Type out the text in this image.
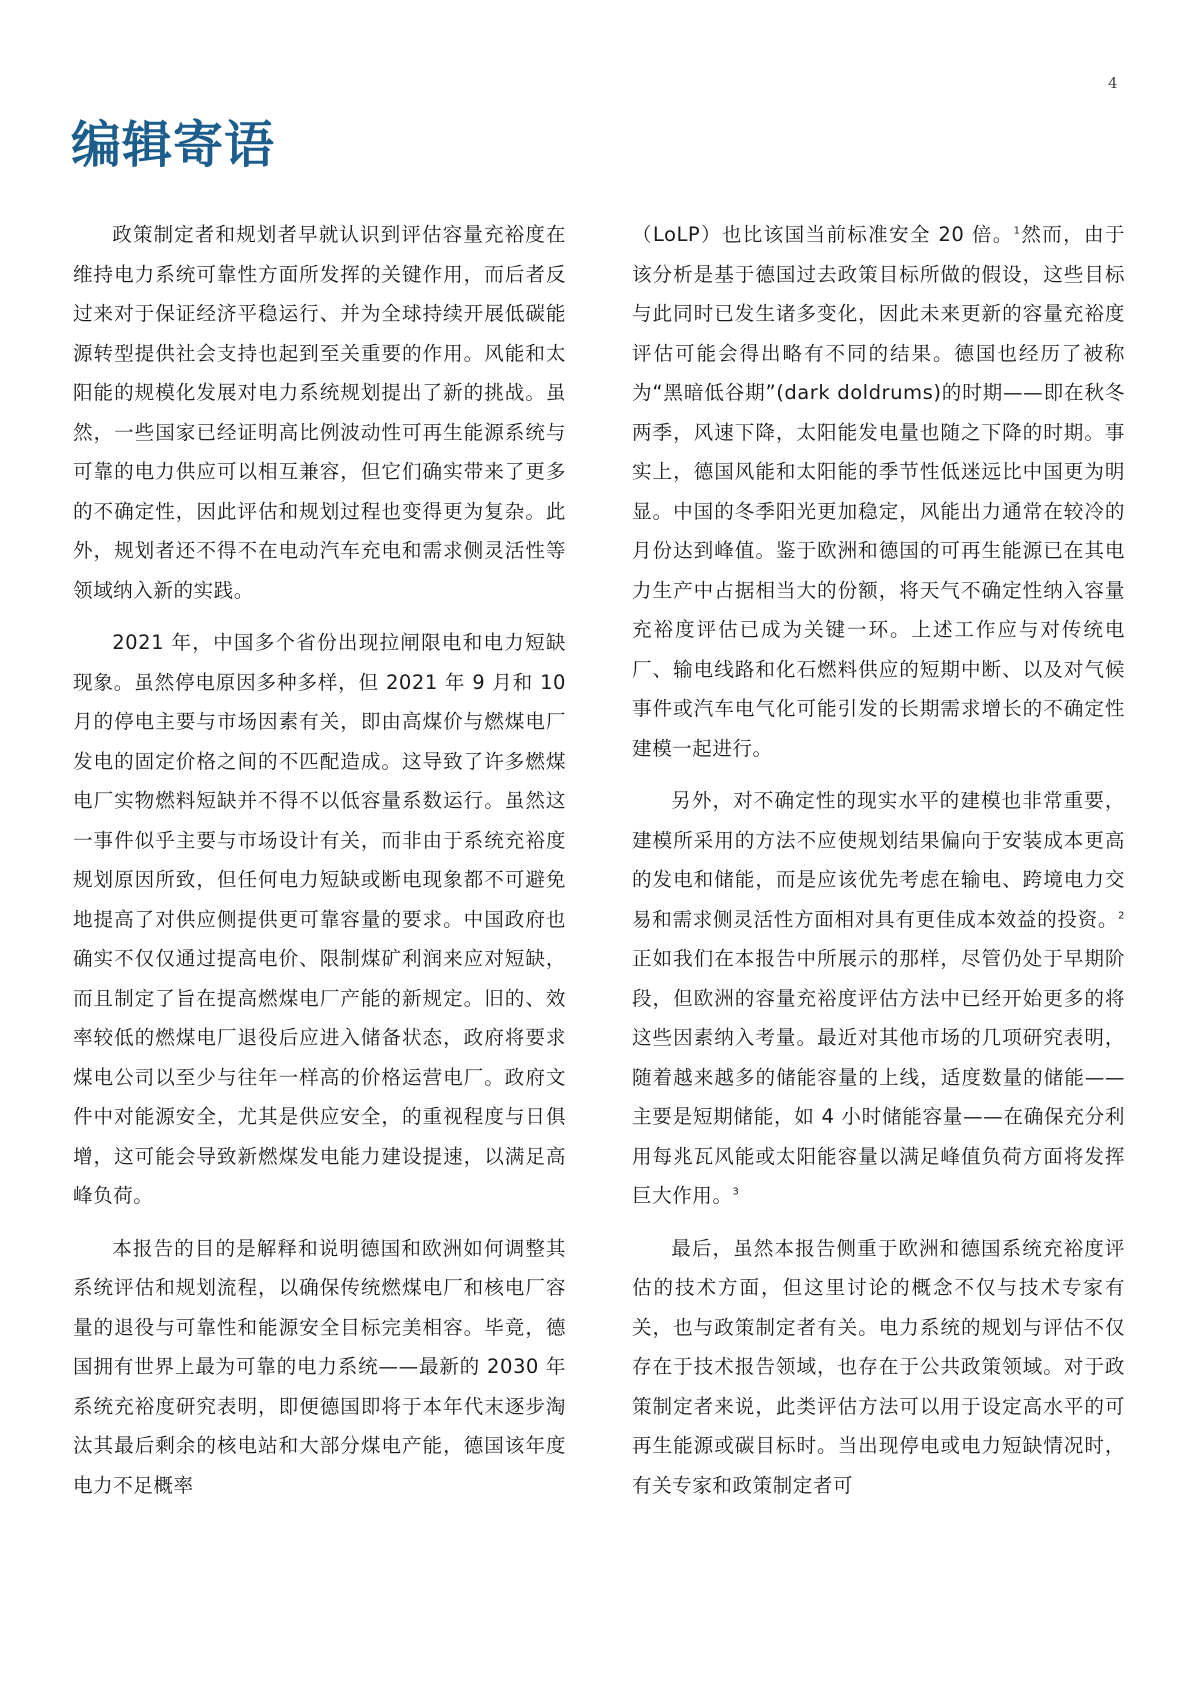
4
编辑寄语

政策制定者和规划者早就认识到评估容量充裕度在维持电力系统可靠性方面所发挥的关键作用，而后者反过来对于保证经济平稳运行、并为全球持续开展低碳能源转型提供社会支持也起到至关重要的作用。风能和太阳能的规模化发展对电力系统规划提出了新的挑战。虽然，一些国家已经证明高比例波动性可再生能源系统与可靠的电力供应可以相互兼容，但它们确实带来了更多的不确定性，因此评估和规划过程也变得更为复杂。此外，规划者还不得不在电动汽车充电和需求侧灵活性等领域纳入新的实践。

2021 年，中国多个省份出现拉闸限电和电力短缺现象。虽然停电原因多种多样，但 2021 年 9 月和 10 月的停电主要与市场因素有关，即由高煤价与燃煤电厂发电的固定价格之间的不匹配造成。这导致了许多燃煤电厂实物燃料短缺并不得不以低容量系数运行。虽然这一事件似乎主要与市场设计有关，而非由于系统充裕度规划原因所致，但任何电力短缺或断电现象都不可避免地提高了对供应侧提供更可靠容量的要求。中国政府也确实不仅仅通过提高电价、限制煤矿利润来应对短缺，而且制定了旨在提高燃煤电厂产能的新规定。旧的、效率较低的燃煤电厂退役后应进入储备状态，政府将要求煤电公司以至少与往年一样高的价格运营电厂。政府文件中对能源安全，尤其是供应安全，的重视程度与日俱增，这可能会导致新燃煤发电能力建设提速，以满足高峰负荷。

本报告的目的是解释和说明德国和欧洲如何调整其系统评估和规划流程，以确保传统燃煤电厂和核电厂容量的退役与可靠性和能源安全目标完美相容。毕竟，德国拥有世界上最为可靠的电力系统——最新的 2030 年系统充裕度研究表明，即便德国即将于本年代末逐步淘汰其最后剩余的核电站和大部分煤电产能，德国该年度电力不足概率

（LoLP）也比该国当前标准安全 20 倍。$^1$然而，由于该分析是基于德国过去政策目标所做的假设，这些目标与此同时已发生诸多变化，因此未来更新的容量充裕度评估可能会得出略有不同的结果。德国也经历了被称为“黑暗低谷期”(dark doldrums)的时期——即在秋冬两季，风速下降，太阳能发电量也随之下降的时期。事实上，德国风能和太阳能的季节性低迷远比中国更为明显。中国的冬季阳光更加稳定，风能出力通常在较冷的月份达到峰值。鉴于欧洲和德国的可再生能源已在其电力生产中占据相当大的份额，将天气不确定性纳入容量充裕度评估已成为关键一环。上述工作应与对传统电厂、输电线路和化石燃料供应的短期中断、以及对气候事件或汽车电气化可能引发的长期需求增长的不确定性建模一起进行。

另外，对不确定性的现实水平的建模也非常重要，建模所采用的方法不应使规划结果偏向于安装成本更高的发电和储能，而是应该优先考虑在输电、跨境电力交易和需求侧灵活性方面相对具有更佳成本效益的投资。$^2$正如我们在本报告中所展示的那样，尽管仍处于早期阶段，但欧洲的容量充裕度评估方法中已经开始更多的将这些因素纳入考量。最近对其他市场的几项研究表明，随着越来越多的储能容量的上线，适度数量的储能——主要是短期储能，如 4 小时储能容量——在确保充分利用每兆瓦风能或太阳能容量以满足峰值负荷方面将发挥巨大作用。$^3$

最后，虽然本报告侧重于欧洲和德国系统充裕度评估的技术方面，但这里讨论的概念不仅与技术专家有关，也与政策制定者有关。电力系统的规划与评估不仅存在于技术报告领域，也存在于公共政策领域。对于政策制定者来说，此类评估方法可以用于设定高水平的可再生能源或碳目标时。当出现停电或电力短缺情况时，有关专家和政策制定者可
